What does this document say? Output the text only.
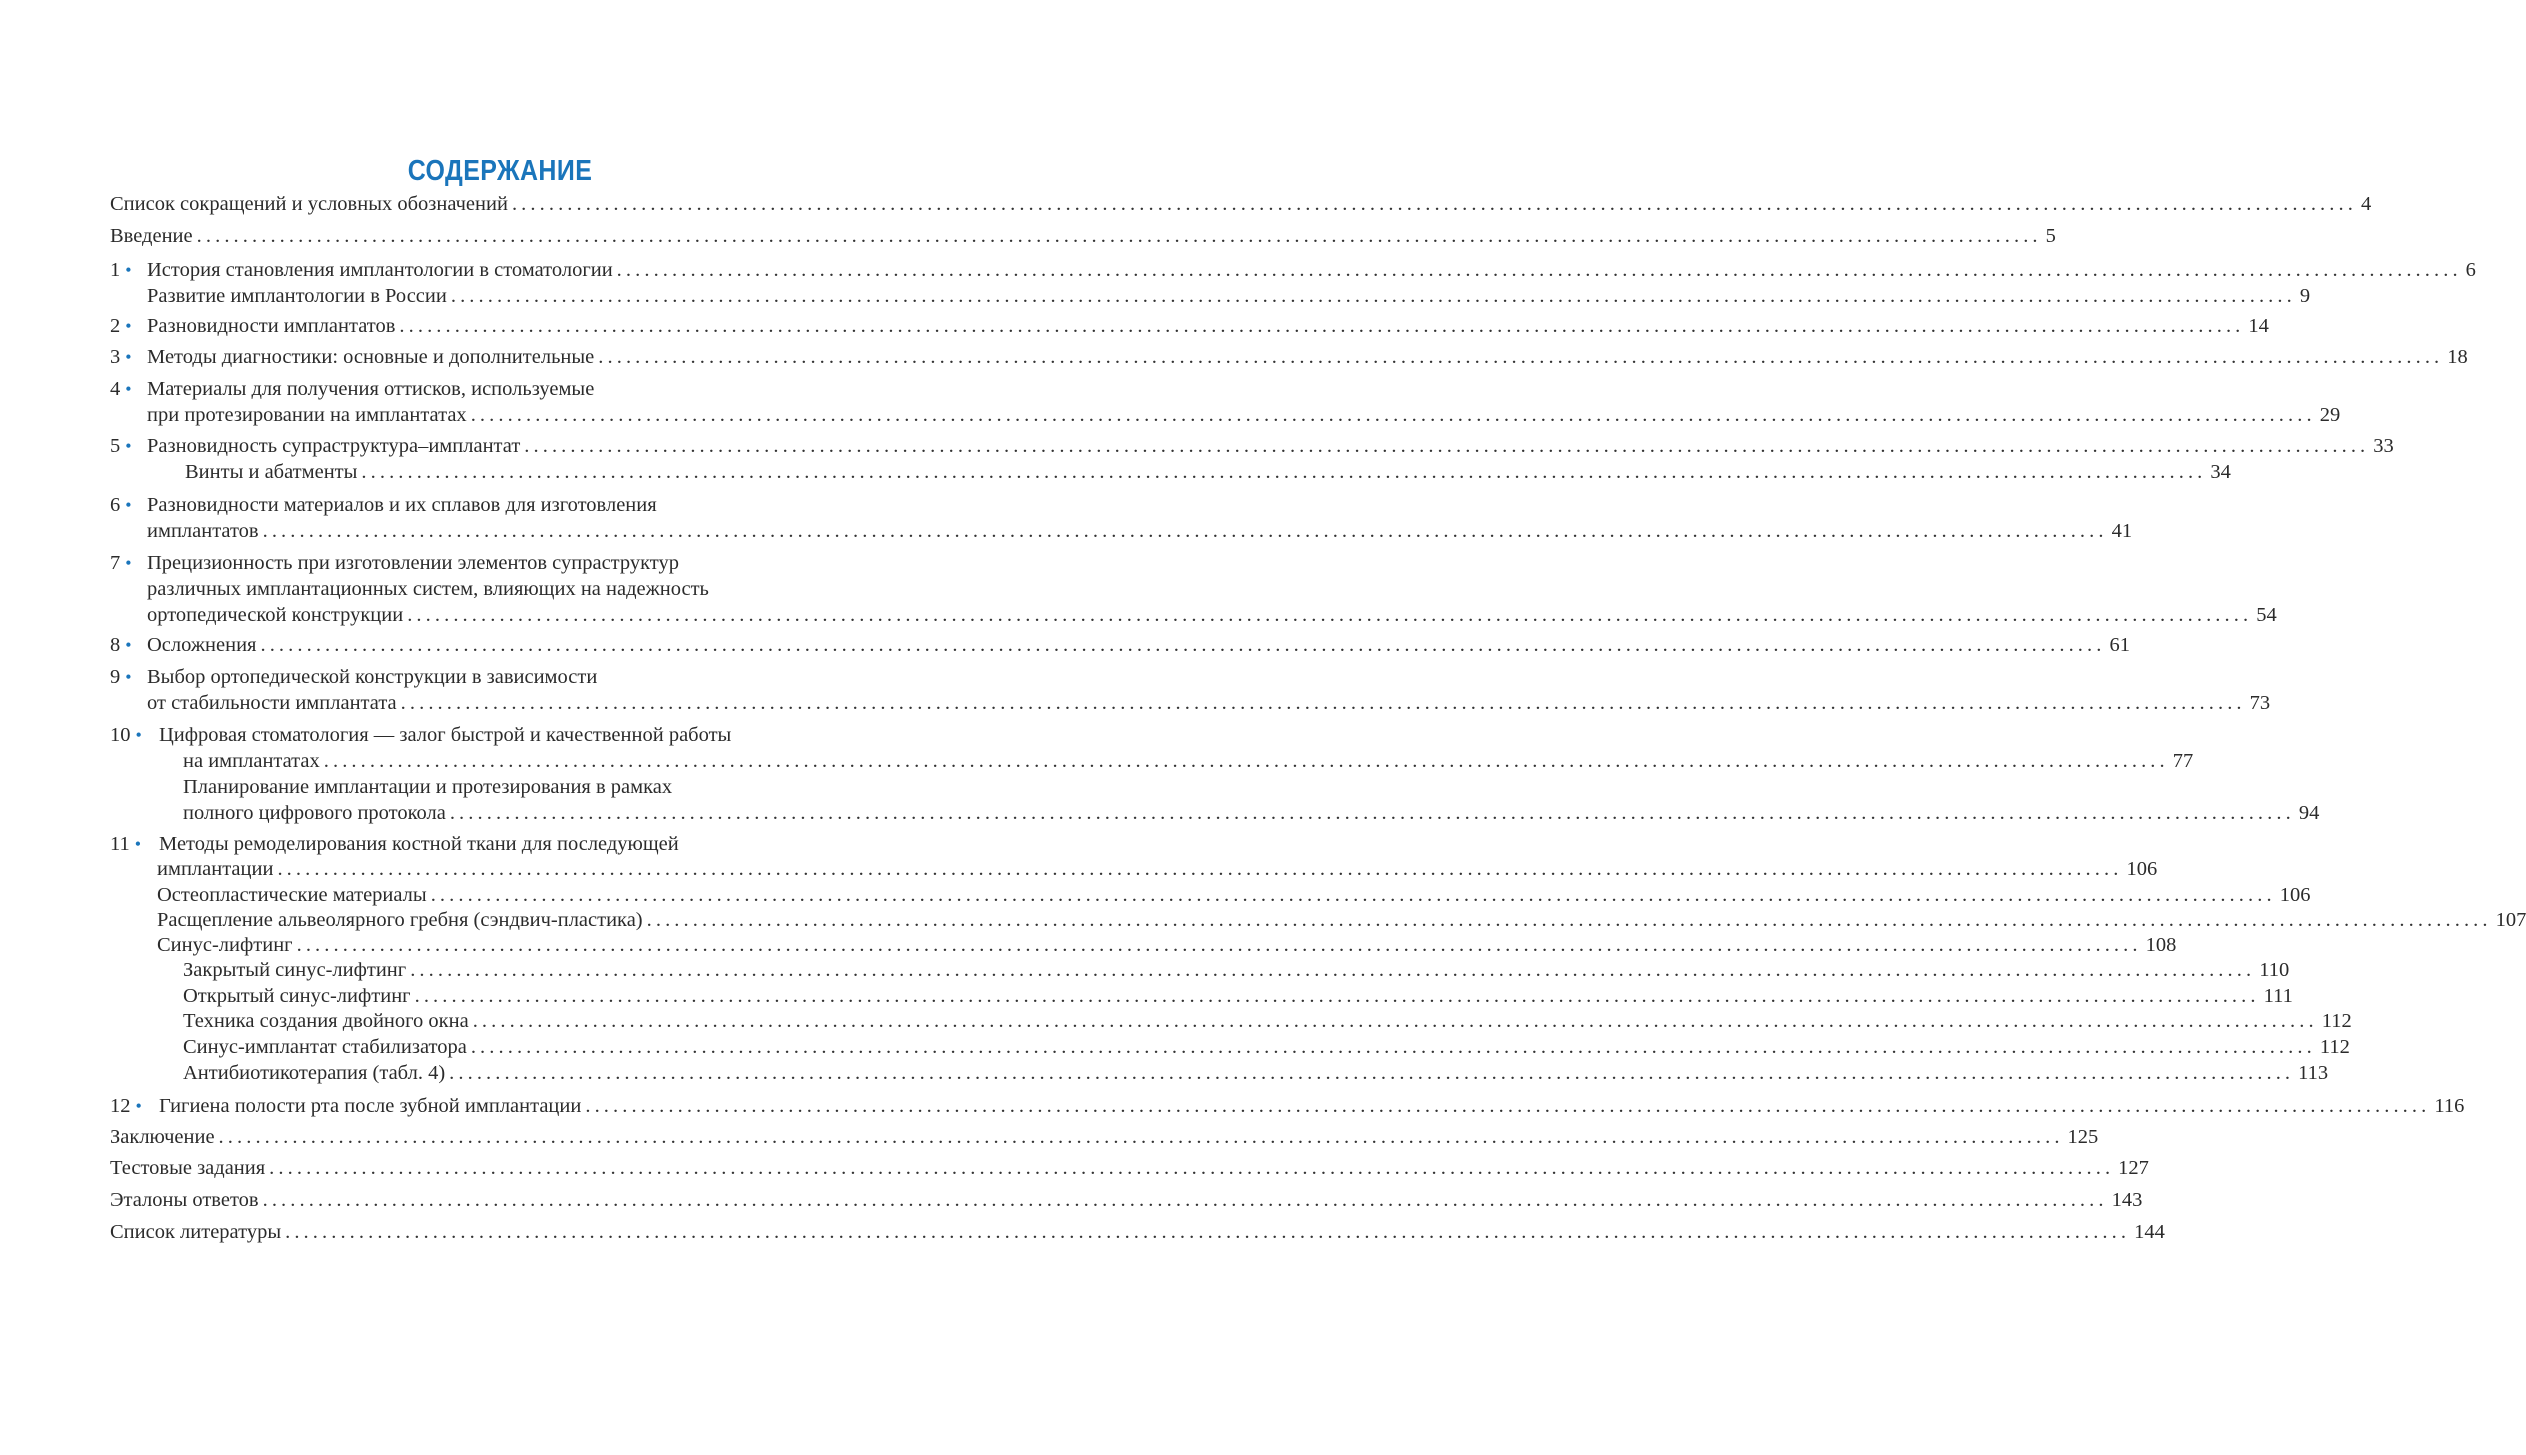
СОДЕРЖАНИЕ
Список сокращений и условных обозначений ........................................................................................................................................................................................................ 4
Введение ........................................................................................................................................................................................................ 5
1 • История становления имплантологии в стоматологии ........................................................................................................................................................................................................ 6
Развитие имплантологии в России ........................................................................................................................................................................................................ 9
2 • Разновидности имплантатов ........................................................................................................................................................................................................ 14
3 • Методы диагностики: основные и дополнительные ........................................................................................................................................................................................................ 18
4 • Материалы для получения оттисков, используемые
при протезировании на имплантатах ........................................................................................................................................................................................................ 29
5 • Разновидность супраструктура–имплантат ........................................................................................................................................................................................................ 33
Винты и абатменты ........................................................................................................................................................................................................ 34
6 • Разновидности материалов и их сплавов для изготовления
имплантатов ........................................................................................................................................................................................................ 41
7 • Прецизионность при изготовлении элементов супраструктур
различных имплантационных систем, влияющих на надежность
ортопедической конструкции ........................................................................................................................................................................................................ 54
8 • Осложнения ........................................................................................................................................................................................................ 61
9 • Выбор ортопедической конструкции в зависимости
от стабильности имплантата ........................................................................................................................................................................................................ 73
10 • Цифровая стоматология — залог быстрой и качественной работы
на имплантатах ........................................................................................................................................................................................................ 77
Планирование имплантации и протезирования в рамках
полного цифрового протокола ........................................................................................................................................................................................................ 94
11 • Методы ремоделирования костной ткани для последующей
имплантации ........................................................................................................................................................................................................ 106
Остеопластические материалы ........................................................................................................................................................................................................ 106
Расщепление альвеолярного гребня (сэндвич-пластика) ........................................................................................................................................................................................................ 107
Синус-лифтинг ........................................................................................................................................................................................................ 108
Закрытый синус-лифтинг ........................................................................................................................................................................................................ 110
Открытый синус-лифтинг ........................................................................................................................................................................................................ 111
Техника создания двойного окна ........................................................................................................................................................................................................ 112
Синус-имплантат стабилизатора ........................................................................................................................................................................................................ 112
Антибиотикотерапия (табл. 4) ........................................................................................................................................................................................................ 113
12 • Гигиена полости рта после зубной имплантации ........................................................................................................................................................................................................ 116
Заключение ........................................................................................................................................................................................................ 125
Тестовые задания ........................................................................................................................................................................................................ 127
Эталоны ответов ........................................................................................................................................................................................................ 143
Список литературы ........................................................................................................................................................................................................ 144
